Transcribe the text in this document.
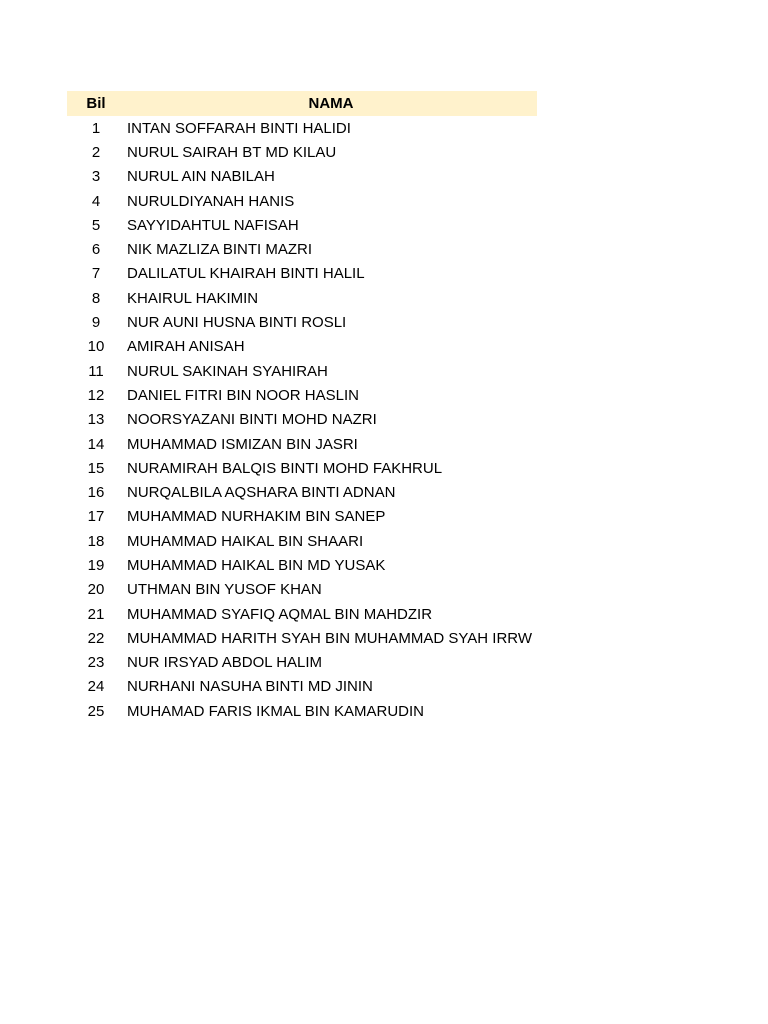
Bil	NAMA
1	INTAN SOFFARAH BINTI HALIDI
2	NURUL SAIRAH BT MD KILAU
3	NURUL AIN NABILAH
4	NURULDIYANAH HANIS
5	SAYYIDAHTUL NAFISAH
6	NIK MAZLIZA BINTI MAZRI
7	DALILATUL KHAIRAH BINTI HALIL
8	KHAIRUL HAKIMIN
9	NUR AUNI HUSNA BINTI ROSLI
10	AMIRAH ANISAH
11	NURUL SAKINAH SYAHIRAH
12	DANIEL FITRI BIN NOOR HASLIN
13	NOORSYAZANI BINTI MOHD NAZRI
14	MUHAMMAD ISMIZAN BIN JASRI
15	NURAMIRAH BALQIS BINTI MOHD FAKHRUL
16	NURQALBILA AQSHARA BINTI ADNAN
17	MUHAMMAD NURHAKIM BIN SANEP
18	MUHAMMAD HAIKAL BIN SHAARI
19	MUHAMMAD HAIKAL BIN MD YUSAK
20	UTHMAN BIN YUSOF KHAN
21	MUHAMMAD SYAFIQ AQMAL BIN MAHDZIR
22	MUHAMMAD HARITH SYAH BIN MUHAMMAD SYAH IRRW
23	NUR IRSYAD ABDOL HALIM
24	NURHANI NASUHA BINTI MD JININ
25	MUHAMAD FARIS IKMAL BIN KAMARUDIN
